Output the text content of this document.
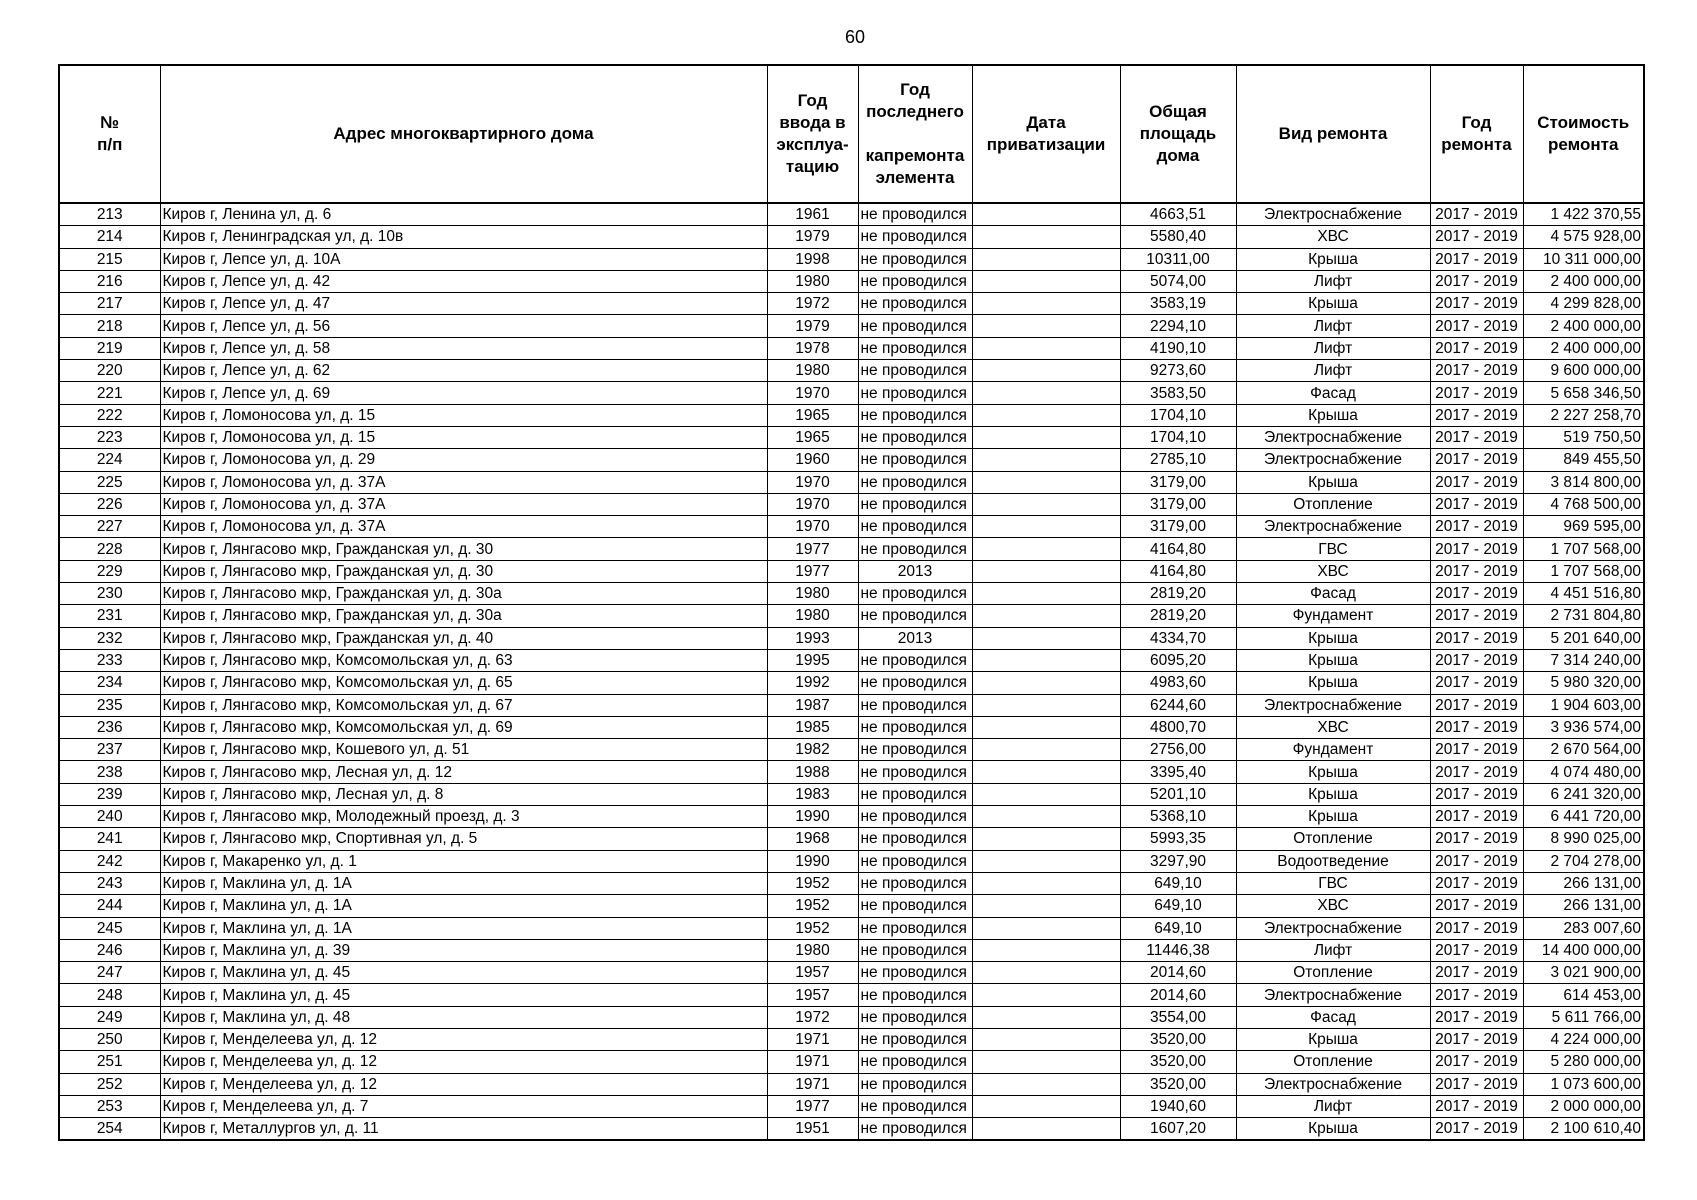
60
№
п/п	Адрес многоквартирного дома	Год
ввода в
эксплуа-
тацию	Год
последнего

капремонта
элемента	Дата
приватизации	Общая
площадь
дома	Вид ремонта	Год
ремонта	Стоимость
ремонта
213	Киров г, Ленина ул, д. 6	1961	не проводился		4663,51	Электроснабжение	2017 - 2019	1 422 370,55
214	Киров г, Ленинградская ул, д. 10в	1979	не проводился		5580,40	ХВС	2017 - 2019	4 575 928,00
215	Киров г, Лепсе ул, д. 10А	1998	не проводился		10311,00	Крыша	2017 - 2019	10 311 000,00
216	Киров г, Лепсе ул, д. 42	1980	не проводился		5074,00	Лифт	2017 - 2019	2 400 000,00
217	Киров г, Лепсе ул, д. 47	1972	не проводился		3583,19	Крыша	2017 - 2019	4 299 828,00
218	Киров г, Лепсе ул, д. 56	1979	не проводился		2294,10	Лифт	2017 - 2019	2 400 000,00
219	Киров г, Лепсе ул, д. 58	1978	не проводился		4190,10	Лифт	2017 - 2019	2 400 000,00
220	Киров г, Лепсе ул, д. 62	1980	не проводился		9273,60	Лифт	2017 - 2019	9 600 000,00
221	Киров г, Лепсе ул, д. 69	1970	не проводился		3583,50	Фасад	2017 - 2019	5 658 346,50
222	Киров г, Ломоносова ул, д. 15	1965	не проводился		1704,10	Крыша	2017 - 2019	2 227 258,70
223	Киров г, Ломоносова ул, д. 15	1965	не проводился		1704,10	Электроснабжение	2017 - 2019	519 750,50
224	Киров г, Ломоносова ул, д. 29	1960	не проводился		2785,10	Электроснабжение	2017 - 2019	849 455,50
225	Киров г, Ломоносова ул, д. 37А	1970	не проводился		3179,00	Крыша	2017 - 2019	3 814 800,00
226	Киров г, Ломоносова ул, д. 37А	1970	не проводился		3179,00	Отопление	2017 - 2019	4 768 500,00
227	Киров г, Ломоносова ул, д. 37А	1970	не проводился		3179,00	Электроснабжение	2017 - 2019	969 595,00
228	Киров г, Лянгасово мкр, Гражданская ул, д. 30	1977	не проводился		4164,80	ГВС	2017 - 2019	1 707 568,00
229	Киров г, Лянгасово мкр, Гражданская ул, д. 30	1977	2013		4164,80	ХВС	2017 - 2019	1 707 568,00
230	Киров г, Лянгасово мкр, Гражданская ул, д. 30а	1980	не проводился		2819,20	Фасад	2017 - 2019	4 451 516,80
231	Киров г, Лянгасово мкр, Гражданская ул, д. 30а	1980	не проводился		2819,20	Фундамент	2017 - 2019	2 731 804,80
232	Киров г, Лянгасово мкр, Гражданская ул, д. 40	1993	2013		4334,70	Крыша	2017 - 2019	5 201 640,00
233	Киров г, Лянгасово мкр, Комсомольская ул, д. 63	1995	не проводился		6095,20	Крыша	2017 - 2019	7 314 240,00
234	Киров г, Лянгасово мкр, Комсомольская ул, д. 65	1992	не проводился		4983,60	Крыша	2017 - 2019	5 980 320,00
235	Киров г, Лянгасово мкр, Комсомольская ул, д. 67	1987	не проводился		6244,60	Электроснабжение	2017 - 2019	1 904 603,00
236	Киров г, Лянгасово мкр, Комсомольская ул, д. 69	1985	не проводился		4800,70	ХВС	2017 - 2019	3 936 574,00
237	Киров г, Лянгасово мкр, Кошевого ул, д. 51	1982	не проводился		2756,00	Фундамент	2017 - 2019	2 670 564,00
238	Киров г, Лянгасово мкр, Лесная ул, д. 12	1988	не проводился		3395,40	Крыша	2017 - 2019	4 074 480,00
239	Киров г, Лянгасово мкр, Лесная ул, д. 8	1983	не проводился		5201,10	Крыша	2017 - 2019	6 241 320,00
240	Киров г, Лянгасово мкр, Молодежный проезд, д. 3	1990	не проводился		5368,10	Крыша	2017 - 2019	6 441 720,00
241	Киров г, Лянгасово мкр, Спортивная ул, д. 5	1968	не проводился		5993,35	Отопление	2017 - 2019	8 990 025,00
242	Киров г, Макаренко ул, д. 1	1990	не проводился		3297,90	Водоотведение	2017 - 2019	2 704 278,00
243	Киров г, Маклина ул, д. 1А	1952	не проводился		649,10	ГВС	2017 - 2019	266 131,00
244	Киров г, Маклина ул, д. 1А	1952	не проводился		649,10	ХВС	2017 - 2019	266 131,00
245	Киров г, Маклина ул, д. 1А	1952	не проводился		649,10	Электроснабжение	2017 - 2019	283 007,60
246	Киров г, Маклина ул, д. 39	1980	не проводился		11446,38	Лифт	2017 - 2019	14 400 000,00
247	Киров г, Маклина ул, д. 45	1957	не проводился		2014,60	Отопление	2017 - 2019	3 021 900,00
248	Киров г, Маклина ул, д. 45	1957	не проводился		2014,60	Электроснабжение	2017 - 2019	614 453,00
249	Киров г, Маклина ул, д. 48	1972	не проводился		3554,00	Фасад	2017 - 2019	5 611 766,00
250	Киров г, Менделеева ул, д. 12	1971	не проводился		3520,00	Крыша	2017 - 2019	4 224 000,00
251	Киров г, Менделеева ул, д. 12	1971	не проводился		3520,00	Отопление	2017 - 2019	5 280 000,00
252	Киров г, Менделеева ул, д. 12	1971	не проводился		3520,00	Электроснабжение	2017 - 2019	1 073 600,00
253	Киров г, Менделеева ул, д. 7	1977	не проводился		1940,60	Лифт	2017 - 2019	2 000 000,00
254	Киров г, Металлургов ул, д. 11	1951	не проводился		1607,20	Крыша	2017 - 2019	2 100 610,40
